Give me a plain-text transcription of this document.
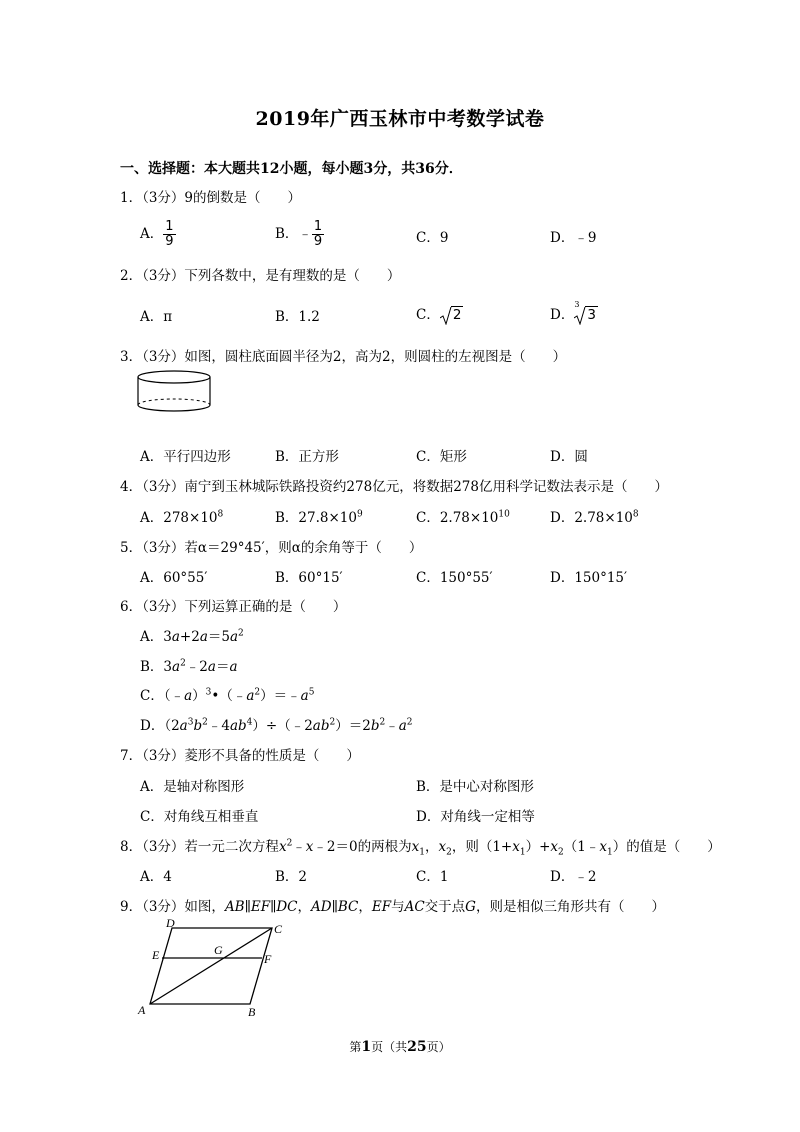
2019年广西玉林市中考数学试卷
一、选择题：本大题共12小题，每小题3分，共36分．
1．（3分）9的倒数是（　　）
A． $\frac{1}{9}$	B．﹣ $\frac{1}{9}$	C．9	D．﹣9
2．（3分）下列各数中，是有理数的是（　　）
A．π	B．1.2	C． 2	D．
3
3
3．（3分）如图，圆柱底面圆半径为2，高为2，则圆柱的左视图是（　　）
A．平行四边形	B．正方形	C．矩形	D．圆
4．（3分）南宁到玉林城际铁路投资约278亿元，将数据278亿用科学记数法表示是（　　）
A．$278\times 10^8$	B．$27.8\times 10^9$	C．$2.78\times 10^{10}$	D．$2.78\times 10^8$
5．（3分）若α＝29°45′，则α的余角等于（　　）
A．60°55′	B．60°15′	C．150°55′	D．150°15′
6．（3分）下列运算正确的是（　　）
A．$3a+2a=5a^2$
B．$3a^2﹣2a=a$
C．$(﹣a)^3•(﹣a^2)=﹣a^5$
D．$(2a^3b^2﹣4ab^4)\div(﹣2ab^2)=2b^2﹣a^2$
7．（3分）菱形不具备的性质是（　　）
A．是轴对称图形	B．是中心对称图形
C．对角线互相垂直	D．对角线一定相等
8．（3分）若一元二次方程$x^2﹣x﹣2=0$的两根为$x_1$，$x_2$，则$(1+x_1)+x_2(1﹣x_1)$的值是（　　）
A．4	B．2	C．1	D．﹣2
9．（3分）如图，AB∥EF∥DC，AD∥BC，EF与AC交于点G，则是相似三角形共有（　　）
D	C
E	G
F
A	B
第1页（共25页）
